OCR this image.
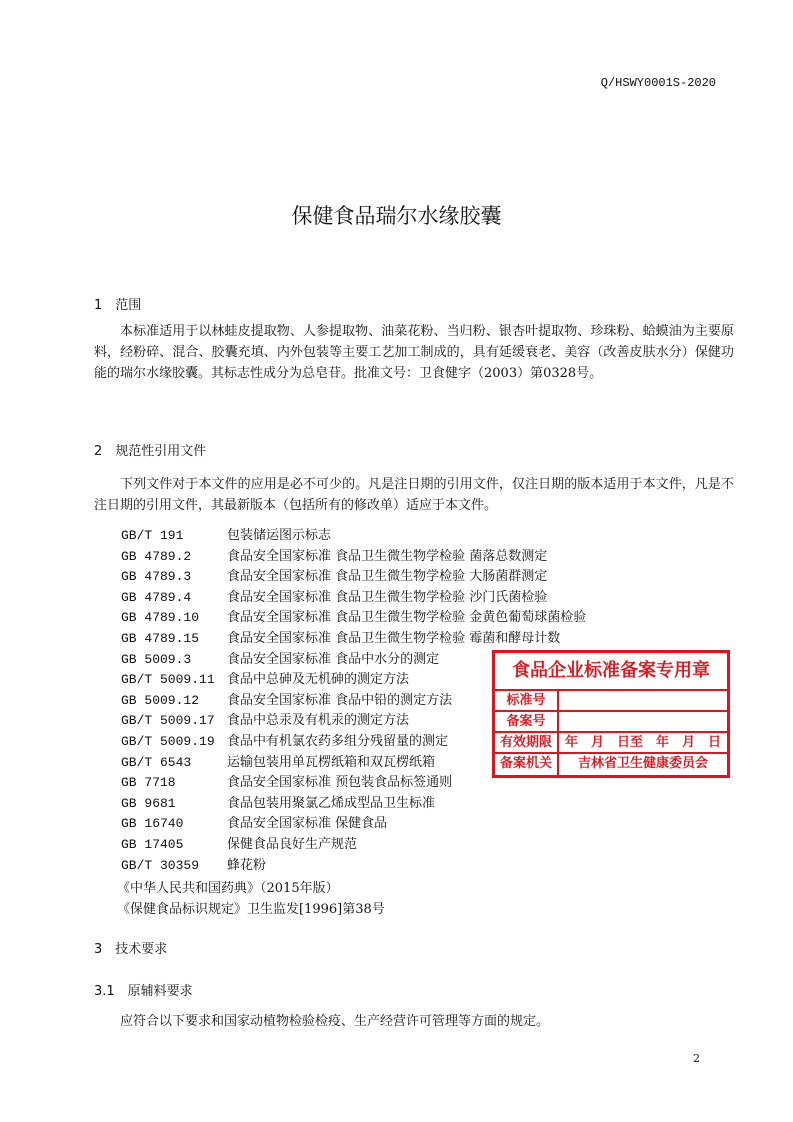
Q/HSWY0001S-2020
保健食品瑞尔水缘胶囊
1　范围
本标准适用于以林蛙皮提取物、人参提取物、油菜花粉、当归粉、银杏叶提取物、珍珠粉、蛤蟆油为主要原料，经粉碎、混合、胶囊充填、内外包装等主要工艺加工制成的，具有延缓衰老、美容（改善皮肤水分）保健功能的瑞尔水缘胶囊。其标志性成分为总皂苷。批准文号：卫食健字（2003）第0328号。
2　规范性引用文件
下列文件对于本文件的应用是必不可少的。凡是注日期的引用文件，仅注日期的版本适用于本文件，凡是不注日期的引用文件，其最新版本（包括所有的修改单）适应于本文件。
GB/T 191	包装储运图示标志
GB 4789.2	食品安全国家标准 食品卫生微生物学检验 菌落总数测定
GB 4789.3	食品安全国家标准 食品卫生微生物学检验 大肠菌群测定
GB 4789.4	食品安全国家标准 食品卫生微生物学检验 沙门氏菌检验
GB 4789.10 食品安全国家标准 食品卫生微生物学检验 金黄色葡萄球菌检验
GB 4789.15 食品安全国家标准 食品卫生微生物学检验 霉菌和酵母计数
GB 5009.3	食品安全国家标准 食品中水分的测定
GB/T 5009.11 食品中总砷及无机砷的测定方法
GB 5009.12 食品安全国家标准 食品中铅的测定方法
GB/T 5009.17 食品中总汞及有机汞的测定方法
GB/T 5009.19 食品中有机氯农药多组分残留量的测定
GB/T 6543	运输包装用单瓦楞纸箱和双瓦楞纸箱
GB 7718	食品安全国家标准 预包装食品标签通则
GB 9681	食品包装用聚氯乙烯成型品卫生标准
GB 16740	食品安全国家标准 保健食品
GB 17405	保健食品良好生产规范
GB/T 30359 蜂花粉
《中华人民共和国药典》（2015年版）
《保健食品标识规定》卫生监发[1996]第38号
3　技术要求
3.1　原辅料要求
应符合以下要求和国家动植物检验检疫、生产经营许可管理等方面的规定。
食品企业标准备案专用章
标准号
备案号
有效期限 年　月　日至　年　月　日
备案机关	吉林省卫生健康委员会
2
